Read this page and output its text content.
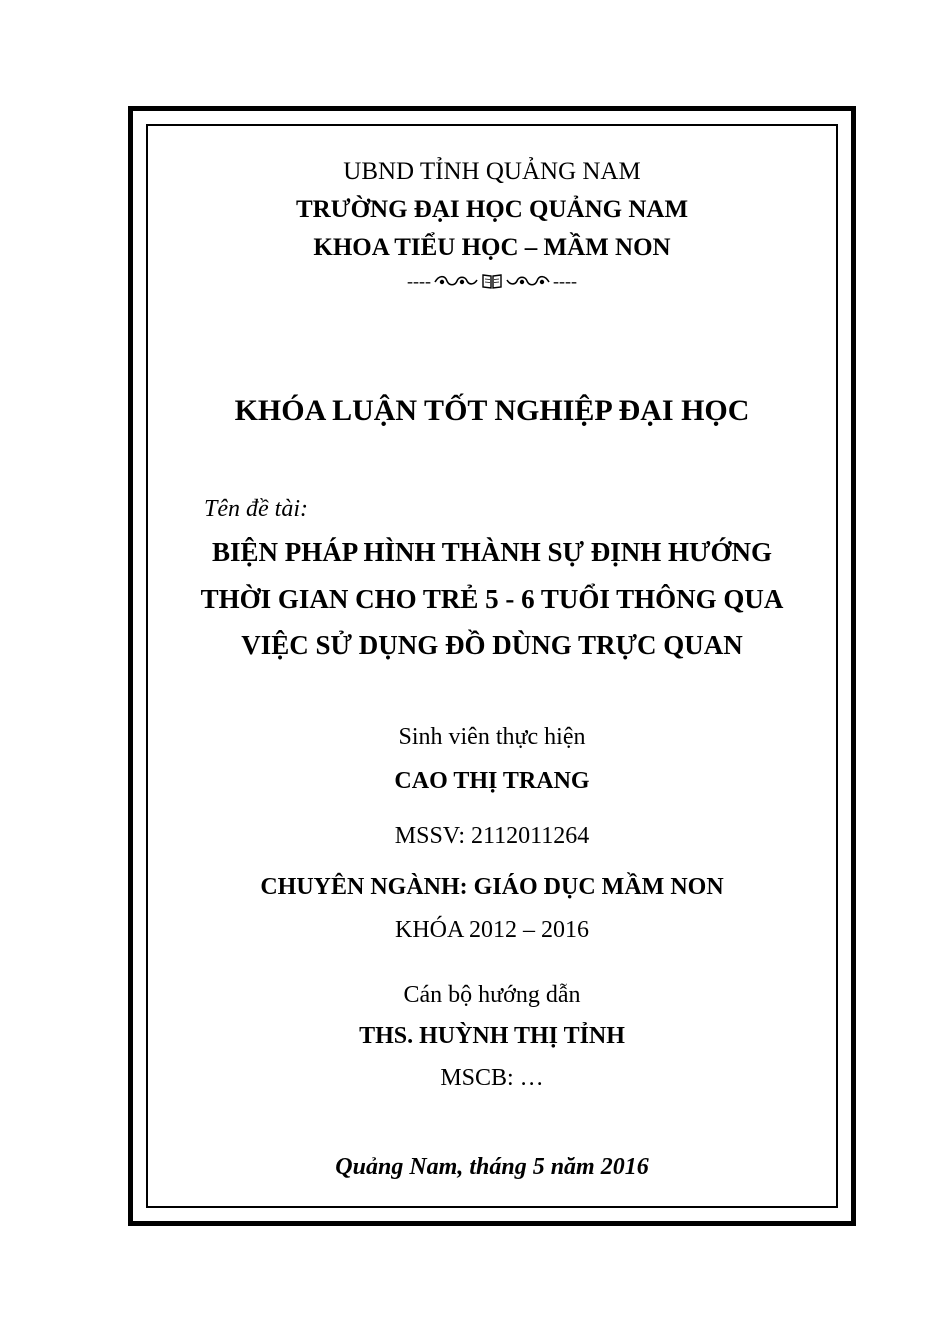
UBND TỈNH QUẢNG NAM
TRƯỜNG ĐẠI HỌC QUẢNG NAM
KHOA TIỂU HỌC – MẦM NON
----	----
KHÓA LUẬN TỐT NGHIỆP ĐẠI HỌC
Tên đề tài:
BIỆN PHÁP HÌNH THÀNH SỰ ĐỊNH HƯỚNG
THỜI GIAN CHO TRẺ 5 - 6 TUỔI THÔNG QUA
VIỆC SỬ DỤNG ĐỒ DÙNG TRỰC QUAN
Sinh viên thực hiện
CAO THỊ TRANG
MSSV: 2112011264
CHUYÊN NGÀNH: GIÁO DỤC MẦM NON
KHÓA 2012 – 2016
Cán bộ hướng dẫn
THS. HUỲNH THỊ TỈNH
MSCB: …
Quảng Nam, tháng 5 năm 2016
